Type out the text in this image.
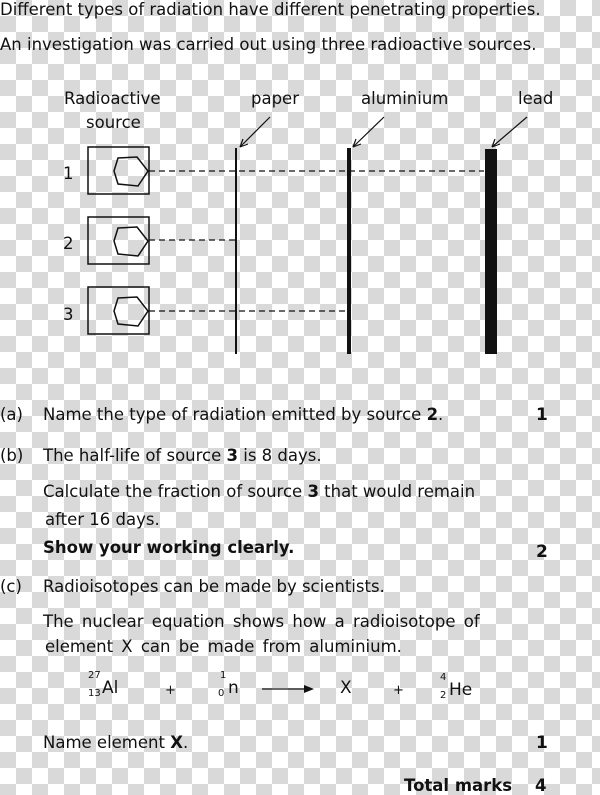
Different types of radiation have different penetrating properties.
An investigation was carried out using three radioactive sources.
Radioactive
source
paper	aluminium	lead
1
2
3
(a) Name the type of radiation emitted by source 2.	1
(b) The half-life of source 3 is 8 days.
Calculate the fraction of source 3 that would remain
after 16 days.
Show your working clearly.	2
(c) Radioisotopes can be made by scientists.
The nuclear equation shows how a radioisotope of
element X can be made from aluminium.
27
13 Al	+
1
0 n → X	+
4
2 He
Name element X.	1
Total marks 4
